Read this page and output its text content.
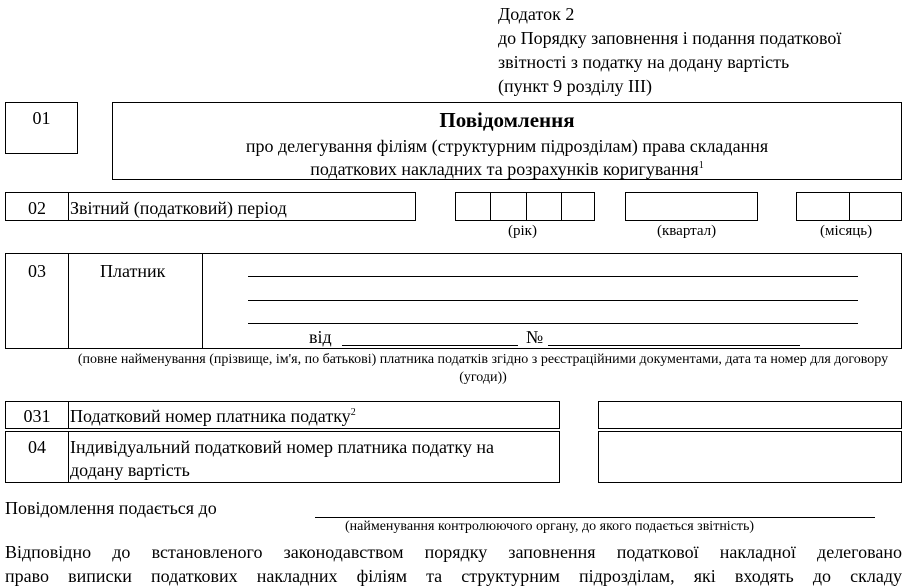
Додаток 2
до Порядку заповнення і подання податкової
звітності з податку на додану вартість
(пункт 9 розділу III)
01	Повідомлення
про делегування філіям (структурним підрозділам) права складання
податкових накладних та розрахунків коригування$^1$
02	Звітний (податковий) період
(рік)	(квартал)	(місяць)
03	Платник
від	№
(повне найменування (прізвище, ім'я, по батькові) платника податків згідно з реєстраційними документами, дата та номер для договору (угоди))
031	Податковий номер платника податку$^2$
04	Індивідуальний податковий номер платника податку на
додану вартість
Повідомлення подається до
(найменування контролюючого органу, до якого подається звітність)
Відповідно до встановленого законодавством порядку заповнення податкової накладної делеговано
право виписки податкових накладних філіям та структурним підрозділам, які входять до складу
